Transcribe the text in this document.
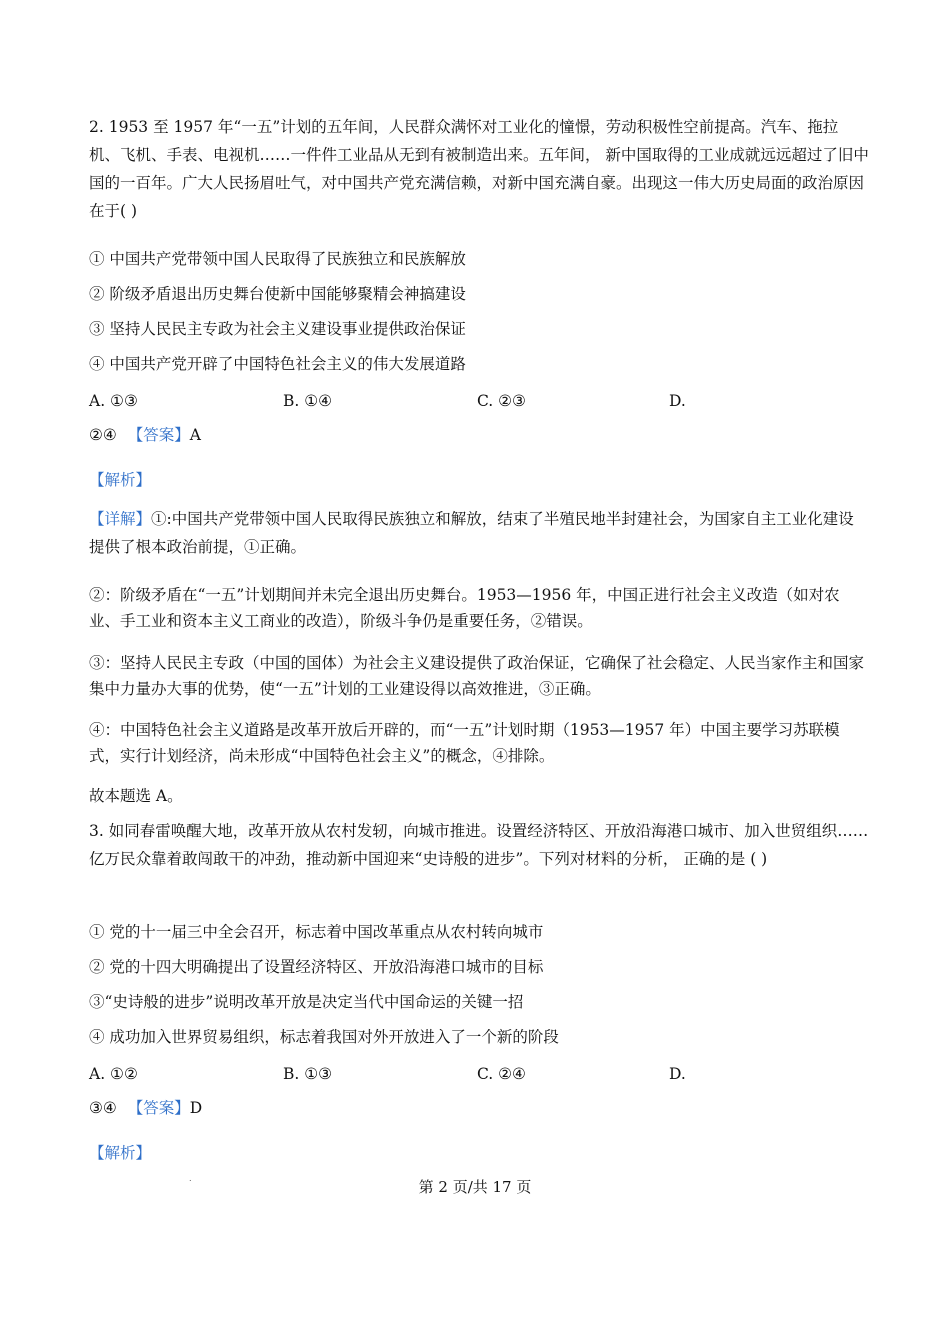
2. 1953 至 1957 年“一五”计划的五年间，人民群众满怀对工业化的憧憬，劳动积极性空前提高。汽车、拖拉机、飞机、手表、电视机……一件件工业品从无到有被制造出来。五年间， 新中国取得的工业成就远远超过了旧中国的一百年。广大人民扬眉吐气，对中国共产党充满信赖，对新中国充满自豪。出现这一伟大历史局面的政治原因在于( )

① 中国共产党带领中国人民取得了民族独立和民族解放

② 阶级矛盾退出历史舞台使新中国能够聚精会神搞建设

③ 坚持人民民主专政为社会主义建设事业提供政治保证

④ 中国共产党开辟了中国特色社会主义的伟大发展道路

A. ①③	B. ①④	C. ②③	D.
②④ 【答案】A
【解析】

【详解】①:中国共产党带领中国人民取得民族独立和解放，结束了半殖民地半封建社会，为国家自主工业化建设提供了根本政治前提，①正确。

②：阶级矛盾在“一五”计划期间并未完全退出历史舞台。1953—1956 年，中国正进行社会主义改造（如对农业、手工业和资本主义工商业的改造），阶级斗争仍是重要任务，②错误。

③：坚持人民民主专政（中国的国体）为社会主义建设提供了政治保证，它确保了社会稳定、人民当家作主和国家集中力量办大事的优势，使“一五”计划的工业建设得以高效推进，③正确。

④：中国特色社会主义道路是改革开放后开辟的，而“一五”计划时期（1953—1957 年）中国主要学习苏联模式，实行计划经济，尚未形成“中国特色社会主义”的概念，④排除。

故本题选 A。

3. 如同春雷唤醒大地，改革开放从农村发轫，向城市推进。设置经济特区、开放沿海港口城市、加入世贸组织……亿万民众靠着敢闯敢干的冲劲，推动新中国迎来“史诗般的进步”。下列对材料的分析， 正确的是 ( )

① 党的十一届三中全会召开，标志着中国改革重点从农村转向城市

② 党的十四大明确提出了设置经济特区、开放沿海港口城市的目标

③“史诗般的进步”说明改革开放是决定当代中国命运的关键一招

④ 成功加入世界贸易组织，标志着我国对外开放进入了一个新的阶段

A. ①②	B. ①③	C. ②④	D.
③④ 【答案】D
【解析】
.	第 2 页/共 17 页
